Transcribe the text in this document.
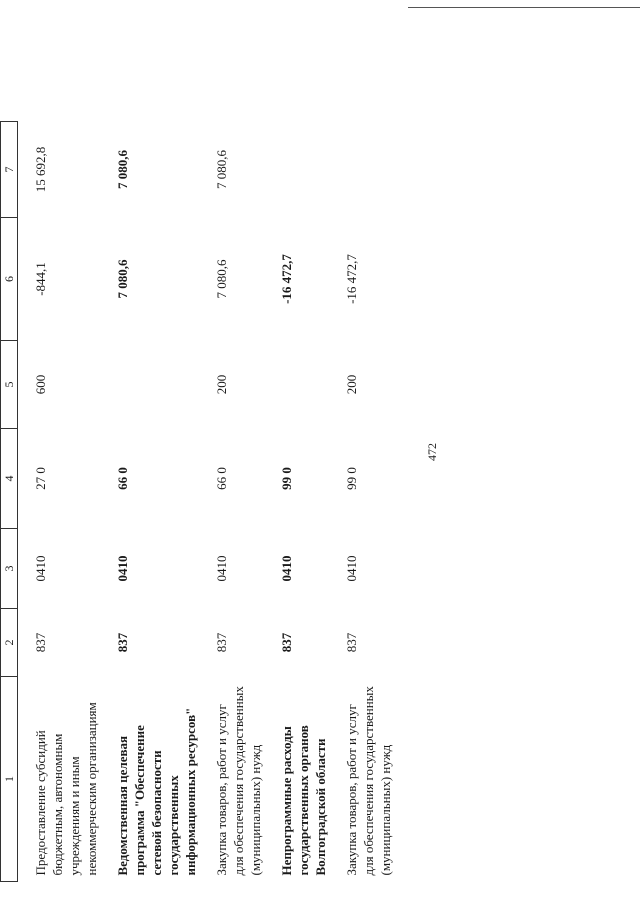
472
1	2	3	4	5	6	7

Предоставление субсидий бюджетным, автономным учреждениям и иным некоммерческим организациям	837	0410	27 0	600	-844,1	15 692,8

Ведомственная целевая программа "Обеспечение сетевой безопасности государственных информационных ресурсов"	837	0410	66 0		7 080,6	7 080,6

Закупка товаров, работ и услуг для обеспечения государственных (муниципальных) нужд	837	0410	66 0	200	7 080,6	7 080,6

Непрограммные расходы государственных органов Волгоградской области	837	0410	99 0		-16 472,7	

Закупка товаров, работ и услуг для обеспечения государственных (муниципальных) нужд	837	0410	99 0	200	-16 472,7	
